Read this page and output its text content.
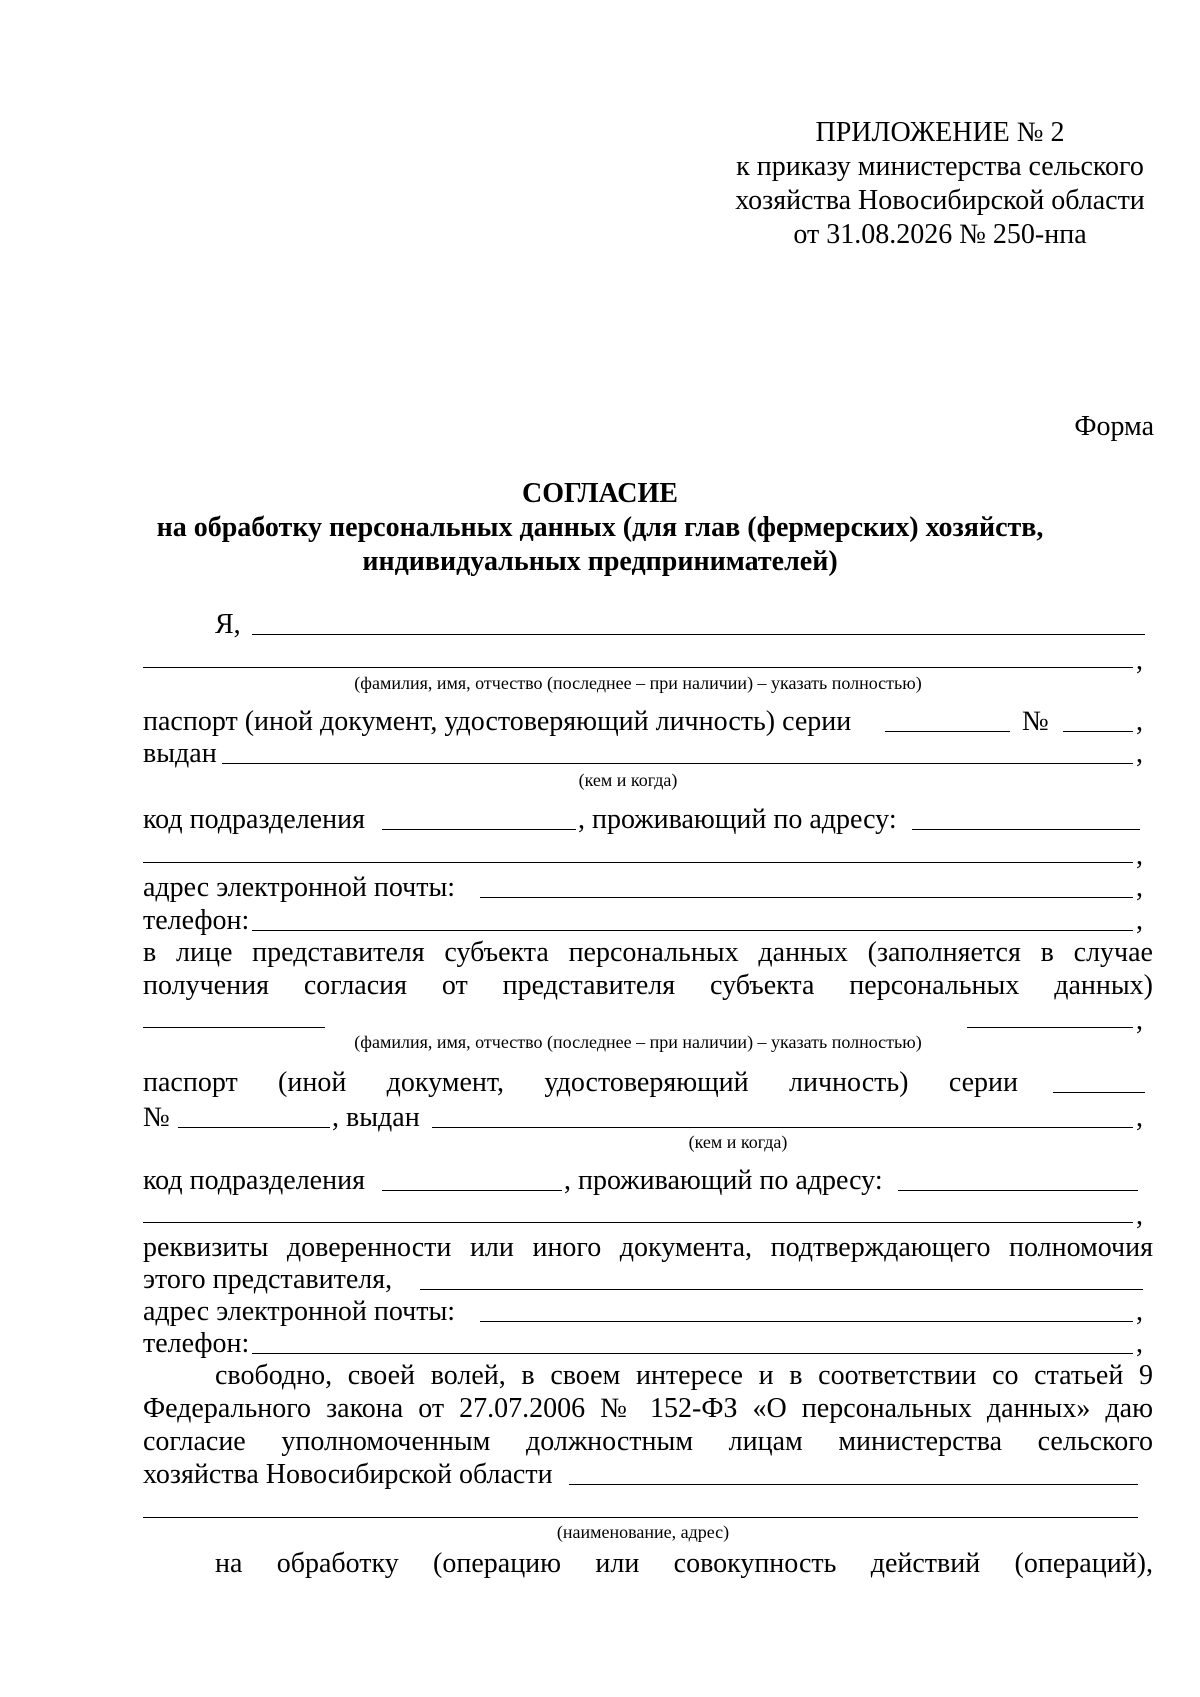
ПРИЛОЖЕНИЕ № 2
к приказу министерства сельского
хозяйства Новосибирской области
от 31.08.2026 № 250-нпа
Форма
СОГЛАСИЕ
на обработку персональных данных (для глав (фермерских) хозяйств,
индивидуальных предпринимателей)
Я,
,
(фамилия, имя, отчество (последнее – при наличии) – указать полностью)
паспорт (иной документ, удостоверяющий личность) серии	№	,
выдан	,
(кем и когда)
код подразделения	, проживающий по адресу:
,
адрес электронной почты:	,
телефон:	,
в лице представителя субъекта персональных данных (заполняется в случае
получения согласия от представителя субъекта персональных данных)
,
(фамилия, имя, отчество (последнее – при наличии) – указать полностью)
паспорт (иной документ, удостоверяющий личность) серии
№	, выдан	,
(кем и когда)
код подразделения	, проживающий по адресу:
,
реквизиты доверенности или иного документа, подтверждающего полномочия
этого представителя,
адрес электронной почты:	,
телефон:	,
свободно, своей волей, в своем интересе и в соответствии со статьей 9
Федерального закона от 27.07.2006 № 152-ФЗ «О персональных данных» даю
согласие уполномоченным должностным лицам министерства сельского
хозяйства Новосибирской области
(наименование, адрес)
на обработку (операцию или совокупность действий (операций),
